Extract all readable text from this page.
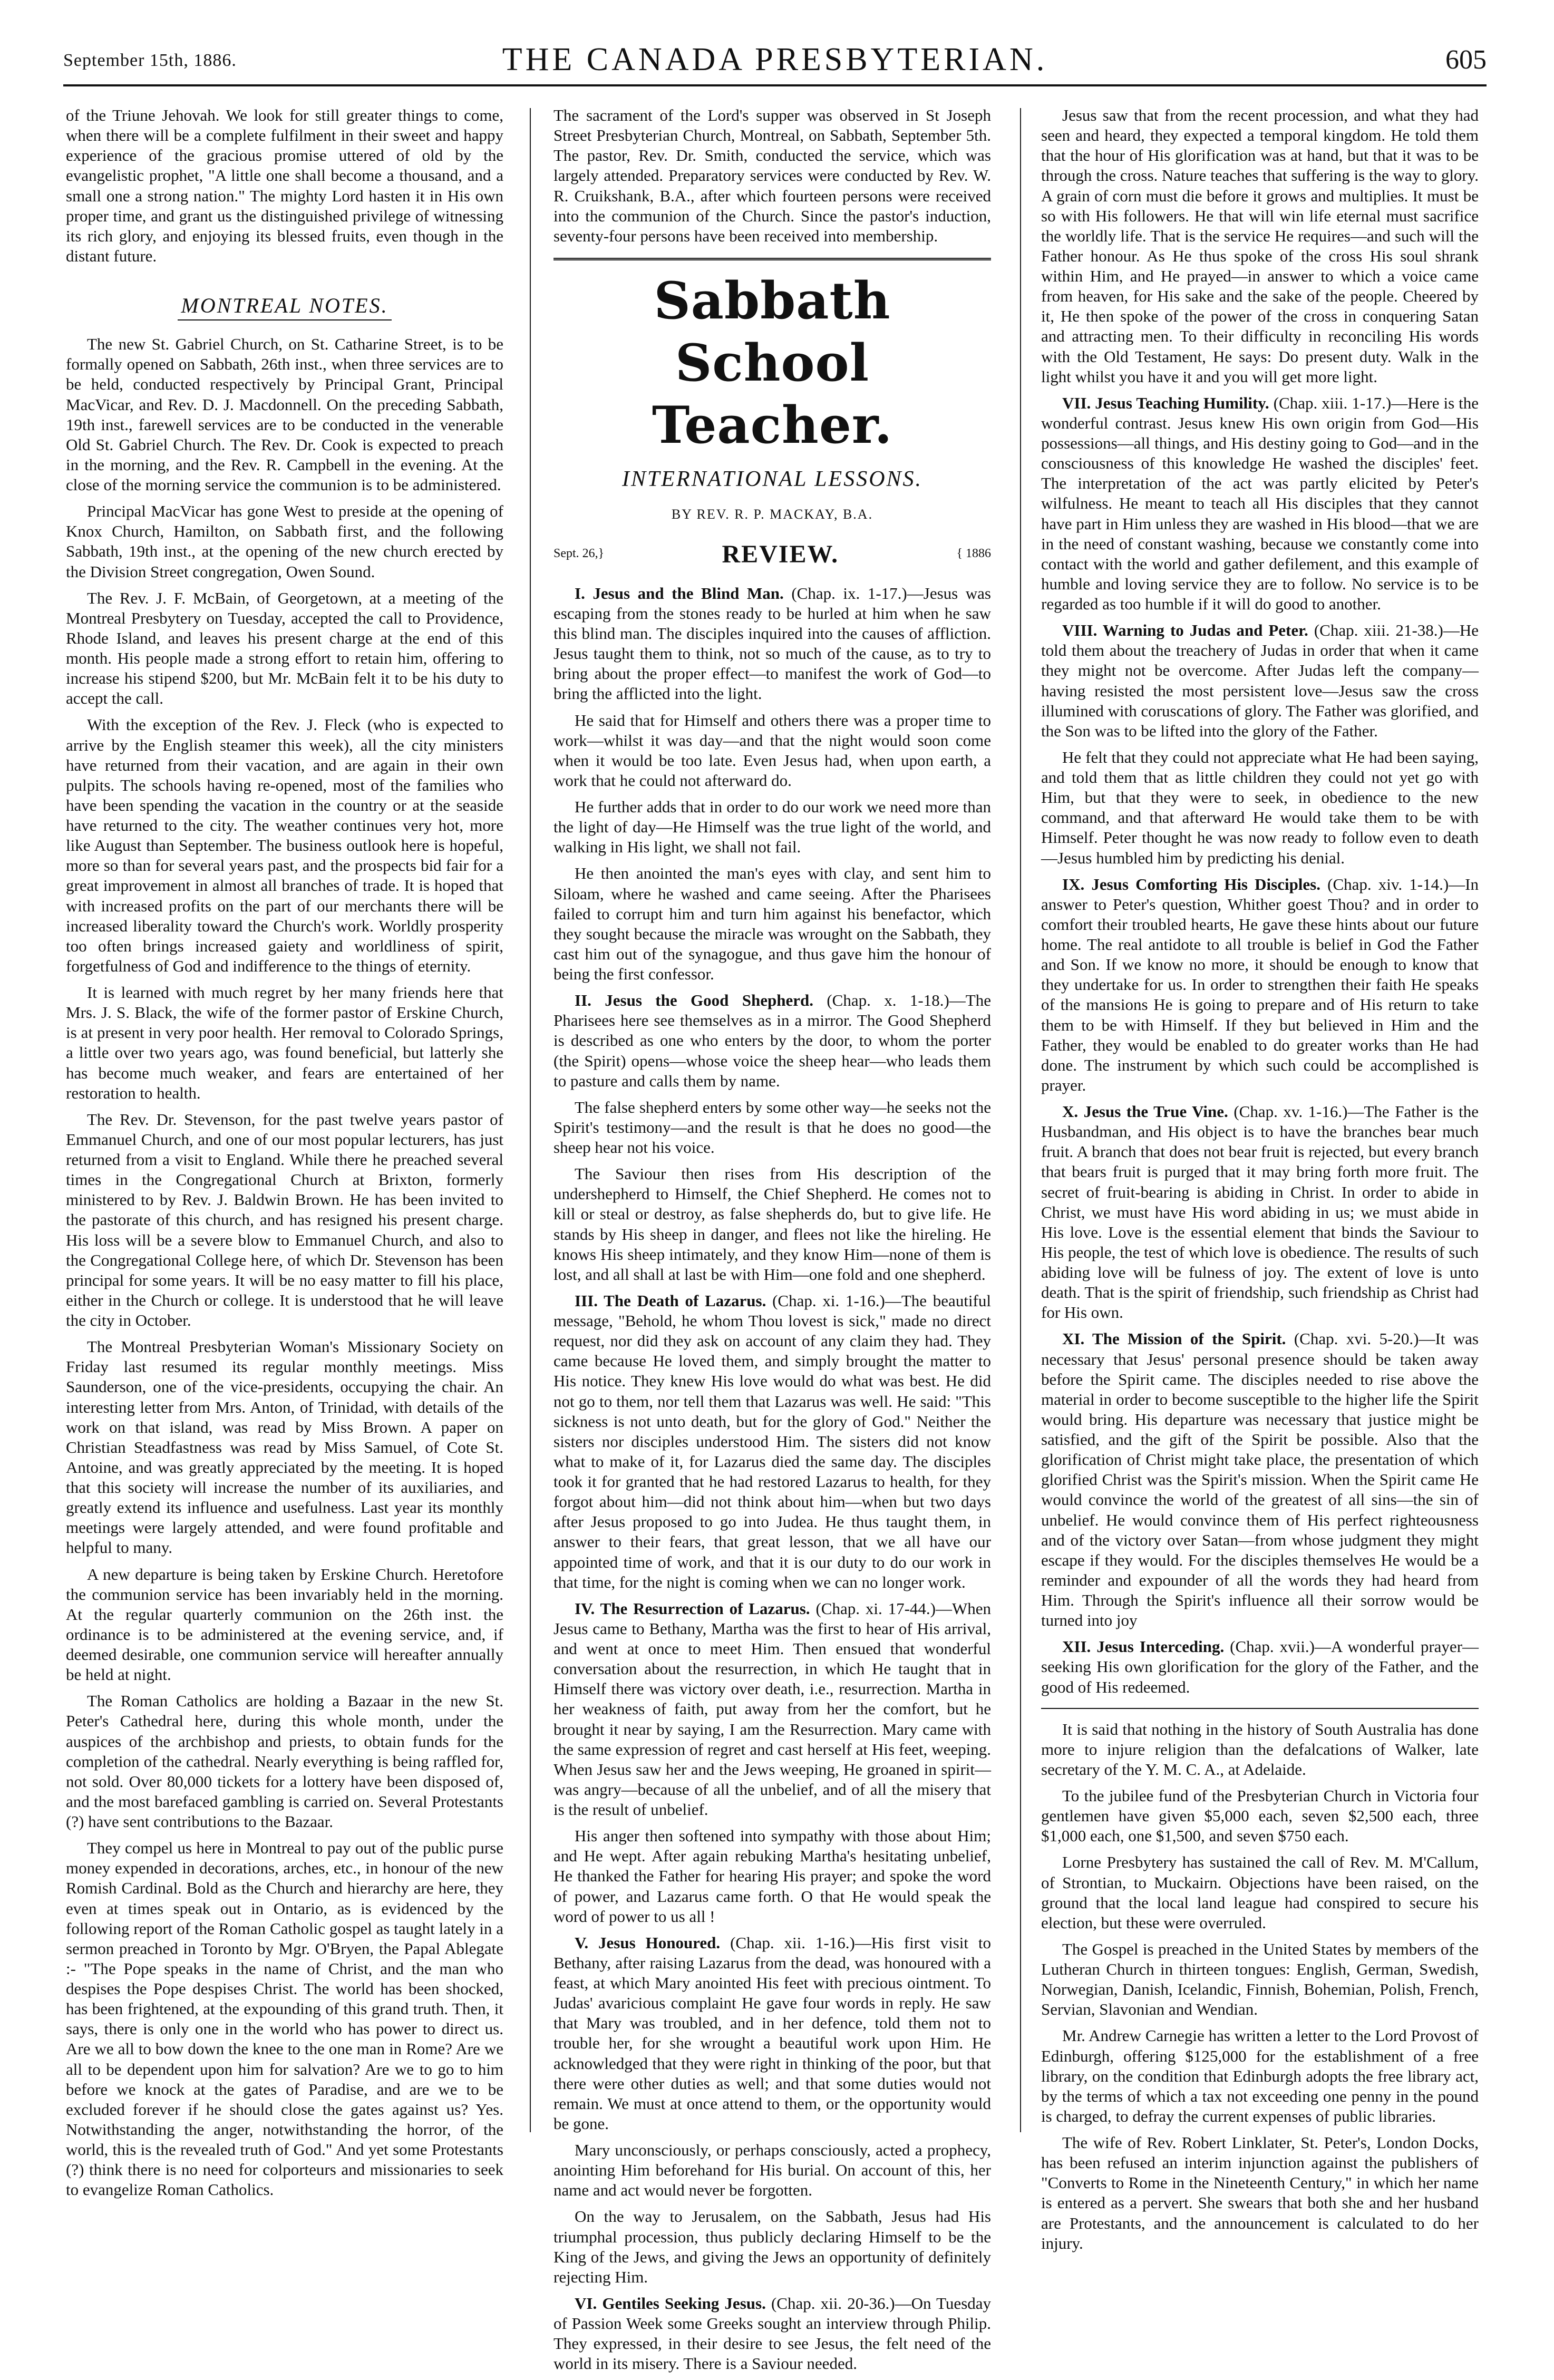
September 15th, 1886.	THE CANADA PRESBYTERIAN.	605

of the Triune Jehovah. We look for still greater things to come, when there will be a complete fulfilment in their sweet and happy experience of the gracious promise uttered of old by the evangelistic prophet, "A little one shall become a thousand, and a small one a strong nation." The mighty Lord hasten it in His own proper time, and grant us the distinguished privilege of witnessing its rich glory, and enjoying its blessed fruits, even though in the distant future.

MONTREAL NOTES.

The new St. Gabriel Church, on St. Catharine Street, is to be formally opened on Sabbath, 26th inst., when three services are to be held, conducted respectively by Principal Grant, Principal MacVicar, and Rev. D. J. Macdonnell. On the preceding Sabbath, 19th inst., farewell services are to be conducted in the venerable Old St. Gabriel Church. The Rev. Dr. Cook is expected to preach in the morning, and the Rev. R. Campbell in the evening. At the close of the morning service the communion is to be administered.

Principal MacVicar has gone West to preside at the opening of Knox Church, Hamilton, on Sabbath first, and the following Sabbath, 19th inst., at the opening of the new church erected by the Division Street congregation, Owen Sound.

The Rev. J. F. McBain, of Georgetown, at a meeting of the Montreal Presbytery on Tuesday, accepted the call to Providence, Rhode Island, and leaves his present charge at the end of this month. His people made a strong effort to retain him, offering to increase his stipend $200, but Mr. McBain felt it to be his duty to accept the call.

With the exception of the Rev. J. Fleck (who is expected to arrive by the English steamer this week), all the city ministers have returned from their vacation, and are again in their own pulpits. The schools having re-opened, most of the families who have been spending the vacation in the country or at the seaside have returned to the city. The weather continues very hot, more like August than September. The business outlook here is hopeful, more so than for several years past, and the prospects bid fair for a great improvement in almost all branches of trade. It is hoped that with increased profits on the part of our merchants there will be increased liberality toward the Church's work. Worldly prosperity too often brings increased gaiety and worldliness of spirit, forgetfulness of God and indifference to the things of eternity.

It is learned with much regret by her many friends here that Mrs. J. S. Black, the wife of the former pastor of Erskine Church, is at present in very poor health. Her removal to Colorado Springs, a little over two years ago, was found beneficial, but latterly she has become much weaker, and fears are entertained of her restoration to health.

The Rev. Dr. Stevenson, for the past twelve years pastor of Emmanuel Church, and one of our most popular lecturers, has just returned from a visit to England. While there he preached several times in the Congregational Church at Brixton, formerly ministered to by Rev. J. Baldwin Brown. He has been invited to the pastorate of this church, and has resigned his present charge. His loss will be a severe blow to Emmanuel Church, and also to the Congregational College here, of which Dr. Stevenson has been principal for some years. It will be no easy matter to fill his place, either in the Church or college. It is understood that he will leave the city in October.

The Montreal Presbyterian Woman's Missionary Society on Friday last resumed its regular monthly meetings. Miss Saunderson, one of the vice-presidents, occupying the chair. An interesting letter from Mrs. Anton, of Trinidad, with details of the work on that island, was read by Miss Brown. A paper on Christian Steadfastness was read by Miss Samuel, of Cote St. Antoine, and was greatly appreciated by the meeting. It is hoped that this society will increase the number of its auxiliaries, and greatly extend its influence and usefulness. Last year its monthly meetings were largely attended, and were found profitable and helpful to many.

A new departure is being taken by Erskine Church. Heretofore the communion service has been invariably held in the morning. At the regular quarterly communion on the 26th inst. the ordinance is to be administered at the evening service, and, if deemed desirable, one communion service will hereafter annually be held at night.

The Roman Catholics are holding a Bazaar in the new St. Peter's Cathedral here, during this whole month, under the auspices of the archbishop and priests, to obtain funds for the completion of the cathedral. Nearly everything is being raffled for, not sold. Over 80,000 tickets for a lottery have been disposed of, and the most barefaced gambling is carried on. Several Protestants (?) have sent contributions to the Bazaar.

They compel us here in Montreal to pay out of the public purse money expended in decorations, arches, etc., in honour of the new Romish Cardinal. Bold as the Church and hierarchy are here, they even at times speak out in Ontario, as is evidenced by the following report of the Roman Catholic gospel as taught lately in a sermon preached in Toronto by Mgr. O'Bryen, the Papal Ablegate :- "The Pope speaks in the name of Christ, and the man who despises the Pope despises Christ. The world has been shocked, has been frightened, at the expounding of this grand truth. Then, it says, there is only one in the world who has power to direct us. Are we all to bow down the knee to the one man in Rome? Are we all to be dependent upon him for salvation? Are we to go to him before we knock at the gates of Paradise, and are we to be excluded forever if he should close the gates against us? Yes. Notwithstanding the anger, notwithstanding the horror, of the world, this is the revealed truth of God." And yet some Protestants (?) think there is no need for colporteurs and missionaries to seek to evangelize Roman Catholics.

The sacrament of the Lord's supper was observed in St Joseph Street Presbyterian Church, Montreal, on Sabbath, September 5th. The pastor, Rev. Dr. Smith, conducted the service, which was largely attended. Preparatory services were conducted by Rev. W. R. Cruikshank, B.A., after which fourteen persons were received into the communion of the Church. Since the pastor's induction, seventy-four persons have been received into membership.

Sabbath School Teacher.
INTERNATIONAL LESSONS.
BY REV. R. P. MACKAY, B.A.
Sept. 26,}	REVIEW.	{ 1886

I. Jesus and the Blind Man. (Chap. ix. 1-17.)—Jesus was escaping from the stones ready to be hurled at him when he saw this blind man. The disciples inquired into the causes of affliction. Jesus taught them to think, not so much of the cause, as to try to bring about the proper effect—to manifest the work of God—to bring the afflicted into the light.

He said that for Himself and others there was a proper time to work—whilst it was day—and that the night would soon come when it would be too late. Even Jesus had, when upon earth, a work that he could not afterward do.

He further adds that in order to do our work we need more than the light of day—He Himself was the true light of the world, and walking in His light, we shall not fail.

He then anointed the man's eyes with clay, and sent him to Siloam, where he washed and came seeing. After the Pharisees failed to corrupt him and turn him against his benefactor, which they sought because the miracle was wrought on the Sabbath, they cast him out of the synagogue, and thus gave him the honour of being the first confessor.

II. Jesus the Good Shepherd. (Chap. x. 1-18.)—The Pharisees here see themselves as in a mirror. The Good Shepherd is described as one who enters by the door, to whom the porter (the Spirit) opens—whose voice the sheep hear—who leads them to pasture and calls them by name.

The false shepherd enters by some other way—he seeks not the Spirit's testimony—and the result is that he does no good—the sheep hear not his voice.

The Saviour then rises from His description of the undershepherd to Himself, the Chief Shepherd. He comes not to kill or steal or destroy, as false shepherds do, but to give life. He stands by His sheep in danger, and flees not like the hireling. He knows His sheep intimately, and they know Him—none of them is lost, and all shall at last be with Him—one fold and one shepherd.

III. The Death of Lazarus. (Chap. xi. 1-16.)—The beautiful message, "Behold, he whom Thou lovest is sick," made no direct request, nor did they ask on account of any claim they had. They came because He loved them, and simply brought the matter to His notice. They knew His love would do what was best. He did not go to them, nor tell them that Lazarus was well. He said: "This sickness is not unto death, but for the glory of God." Neither the sisters nor disciples understood Him. The sisters did not know what to make of it, for Lazarus died the same day. The disciples took it for granted that he had restored Lazarus to health, for they forgot about him—did not think about him—when but two days after Jesus proposed to go into Judea. He thus taught them, in answer to their fears, that great lesson, that we all have our appointed time of work, and that it is our duty to do our work in that time, for the night is coming when we can no longer work.

IV. The Resurrection of Lazarus. (Chap. xi. 17-44.)—When Jesus came to Bethany, Martha was the first to hear of His arrival, and went at once to meet Him. Then ensued that wonderful conversation about the resurrection, in which He taught that in Himself there was victory over death, i.e., resurrection. Martha in her weakness of faith, put away from her the comfort, but he brought it near by saying, I am the Resurrection. Mary came with the same expression of regret and cast herself at His feet, weeping. When Jesus saw her and the Jews weeping, He groaned in spirit—was angry—because of all the unbelief, and of all the misery that is the result of unbelief.

His anger then softened into sympathy with those about Him; and He wept. After again rebuking Martha's hesitating unbelief, He thanked the Father for hearing His prayer; and spoke the word of power, and Lazarus came forth. O that He would speak the word of power to us all !

V. Jesus Honoured. (Chap. xii. 1-16.)—His first visit to Bethany, after raising Lazarus from the dead, was honoured with a feast, at which Mary anointed His feet with precious ointment. To Judas' avaricious complaint He gave four words in reply. He saw that Mary was troubled, and in her defence, told them not to trouble her, for she wrought a beautiful work upon Him. He acknowledged that they were right in thinking of the poor, but that there were other duties as well; and that some duties would not remain. We must at once attend to them, or the opportunity would be gone.

Mary unconsciously, or perhaps consciously, acted a prophecy, anointing Him beforehand for His burial. On account of this, her name and act would never be forgotten.

On the way to Jerusalem, on the Sabbath, Jesus had His triumphal procession, thus publicly declaring Himself to be the King of the Jews, and giving the Jews an opportunity of definitely rejecting Him.

VI. Gentiles Seeking Jesus. (Chap. xii. 20-36.)—On Tuesday of Passion Week some Greeks sought an interview through Philip. They expressed, in their desire to see Jesus, the felt need of the world in its misery. There is a Saviour needed.

Jesus saw that from the recent procession, and what they had seen and heard, they expected a temporal kingdom. He told them that the hour of His glorification was at hand, but that it was to be through the cross. Nature teaches that suffering is the way to glory. A grain of corn must die before it grows and multiplies. It must be so with His followers. He that will win life eternal must sacrifice the worldly life. That is the service He requires—and such will the Father honour. As He thus spoke of the cross His soul shrank within Him, and He prayed—in answer to which a voice came from heaven, for His sake and the sake of the people. Cheered by it, He then spoke of the power of the cross in conquering Satan and attracting men. To their difficulty in reconciling His words with the Old Testament, He says: Do present duty. Walk in the light whilst you have it and you will get more light.

VII. Jesus Teaching Humility. (Chap. xiii. 1-17.)—Here is the wonderful contrast. Jesus knew His own origin from God—His possessions—all things, and His destiny going to God—and in the consciousness of this knowledge He washed the disciples' feet. The interpretation of the act was partly elicited by Peter's wilfulness. He meant to teach all His disciples that they cannot have part in Him unless they are washed in His blood—that we are in the need of constant washing, because we constantly come into contact with the world and gather defilement, and this example of humble and loving service they are to follow. No service is to be regarded as too humble if it will do good to another.

VIII. Warning to Judas and Peter. (Chap. xiii. 21-38.)—He told them about the treachery of Judas in order that when it came they might not be overcome. After Judas left the company—having resisted the most persistent love—Jesus saw the cross illumined with coruscations of glory. The Father was glorified, and the Son was to be lifted into the glory of the Father.

He felt that they could not appreciate what He had been saying, and told them that as little children they could not yet go with Him, but that they were to seek, in obedience to the new command, and that afterward He would take them to be with Himself. Peter thought he was now ready to follow even to death—Jesus humbled him by predicting his denial.

IX. Jesus Comforting His Disciples. (Chap. xiv. 1-14.)—In answer to Peter's question, Whither goest Thou? and in order to comfort their troubled hearts, He gave these hints about our future home. The real antidote to all trouble is belief in God the Father and Son. If we know no more, it should be enough to know that they undertake for us. In order to strengthen their faith He speaks of the mansions He is going to prepare and of His return to take them to be with Himself. If they but believed in Him and the Father, they would be enabled to do greater works than He had done. The instrument by which such could be accomplished is prayer.

X. Jesus the True Vine. (Chap. xv. 1-16.)—The Father is the Husbandman, and His object is to have the branches bear much fruit. A branch that does not bear fruit is rejected, but every branch that bears fruit is purged that it may bring forth more fruit. The secret of fruit-bearing is abiding in Christ. In order to abide in Christ, we must have His word abiding in us; we must abide in His love. Love is the essential element that binds the Saviour to His people, the test of which love is obedience. The results of such abiding love will be fulness of joy. The extent of love is unto death. That is the spirit of friendship, such friendship as Christ had for His own.

XI. The Mission of the Spirit. (Chap. xvi. 5-20.)—It was necessary that Jesus' personal presence should be taken away before the Spirit came. The disciples needed to rise above the material in order to become susceptible to the higher life the Spirit would bring. His departure was necessary that justice might be satisfied, and the gift of the Spirit be possible. Also that the glorification of Christ might take place, the presentation of which glorified Christ was the Spirit's mission. When the Spirit came He would convince the world of the greatest of all sins—the sin of unbelief. He would convince them of His perfect righteousness and of the victory over Satan—from whose judgment they might escape if they would. For the disciples themselves He would be a reminder and expounder of all the words they had heard from Him. Through the Spirit's influence all their sorrow would be turned into joy

XII. Jesus Interceding. (Chap. xvii.)—A wonderful prayer—seeking His own glorification for the glory of the Father, and the good of His redeemed.

It is said that nothing in the history of South Australia has done more to injure religion than the defalcations of Walker, late secretary of the Y. M. C. A., at Adelaide.

To the jubilee fund of the Presbyterian Church in Victoria four gentlemen have given $5,000 each, seven $2,500 each, three $1,000 each, one $1,500, and seven $750 each.

Lorne Presbytery has sustained the call of Rev. M. M'Callum, of Strontian, to Muckairn. Objections have been raised, on the ground that the local land league had conspired to secure his election, but these were overruled.

The Gospel is preached in the United States by members of the Lutheran Church in thirteen tongues: English, German, Swedish, Norwegian, Danish, Icelandic, Finnish, Bohemian, Polish, French, Servian, Slavonian and Wendian.

Mr. Andrew Carnegie has written a letter to the Lord Provost of Edinburgh, offering $125,000 for the establishment of a free library, on the condition that Edinburgh adopts the free library act, by the terms of which a tax not exceeding one penny in the pound is charged, to defray the current expenses of public libraries.

The wife of Rev. Robert Linklater, St. Peter's, London Docks, has been refused an interim injunction against the publishers of "Converts to Rome in the Nineteenth Century," in which her name is entered as a pervert. She swears that both she and her husband are Protestants, and the announcement is calculated to do her injury.
